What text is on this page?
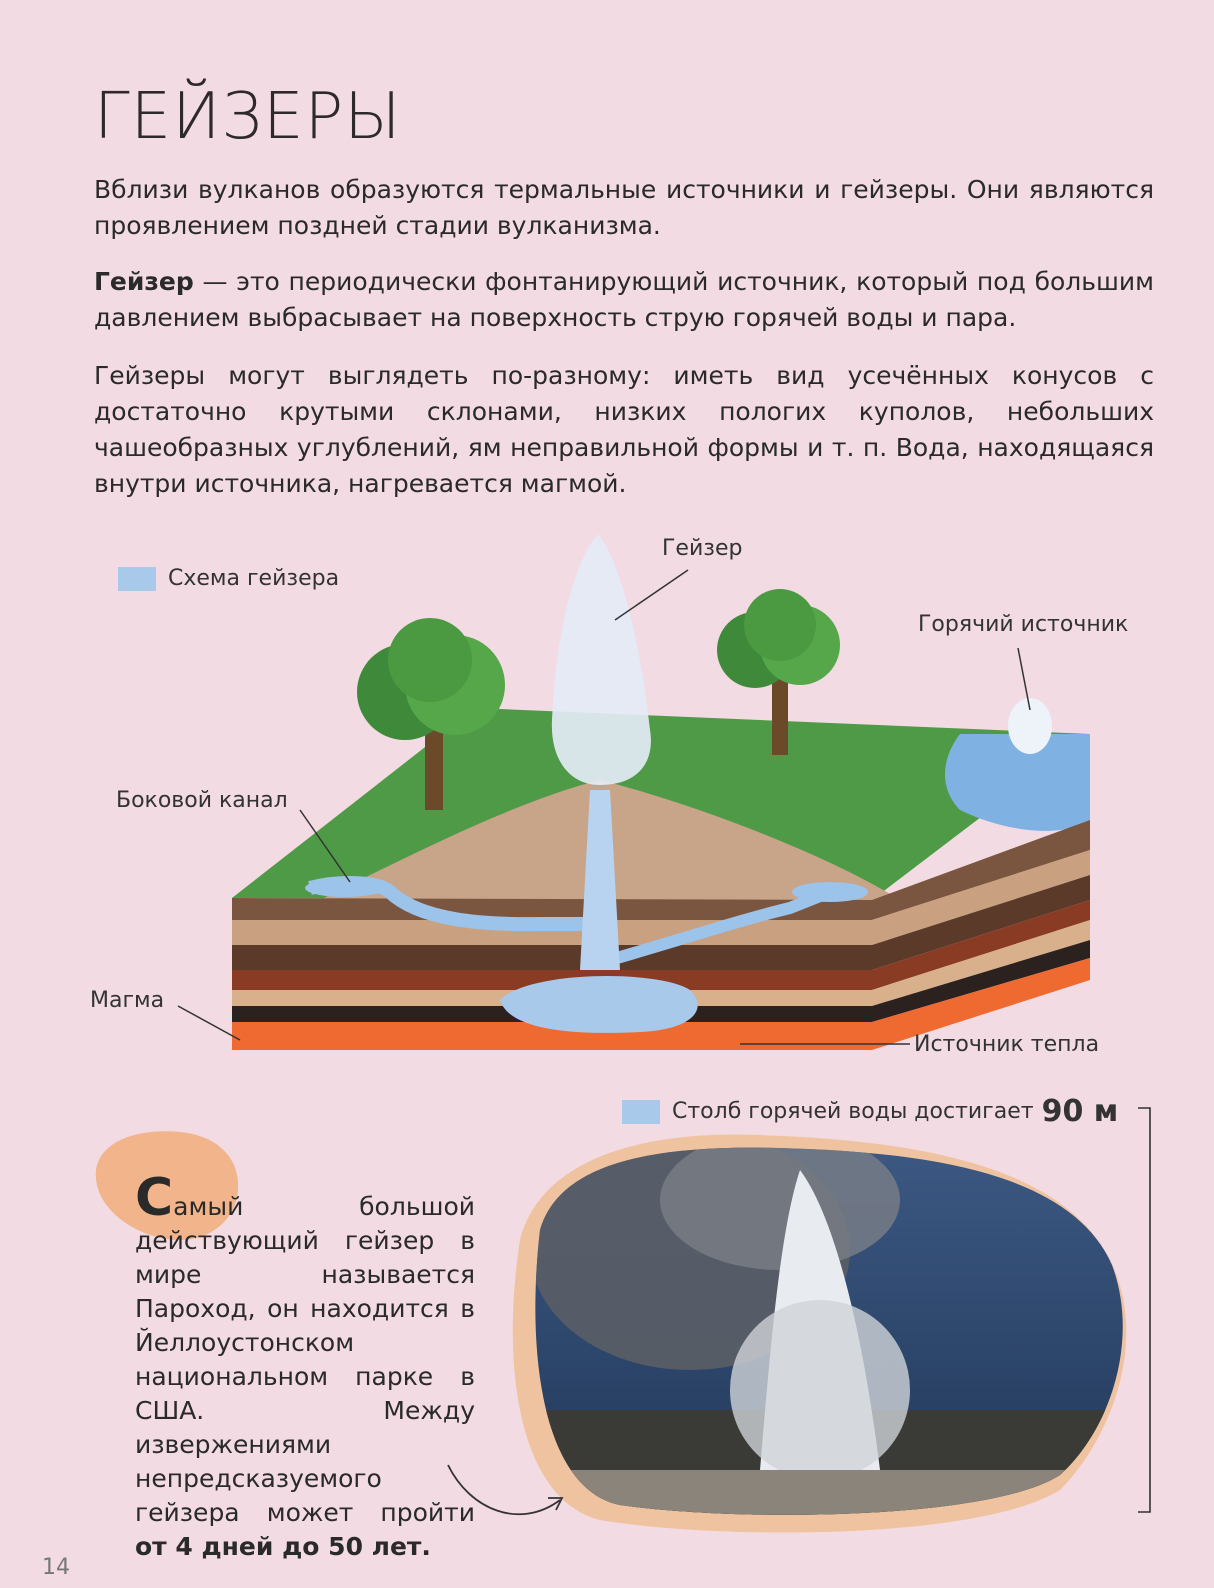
ГЕЙЗЕРЫ

Вблизи вулканов образуются термальные источники и гейзеры. Они являются проявлением поздней стадии вулканизма.

Гейзер — это периодически фонтанирующий источник, который под большим давлением выбрасывает на поверхность струю горячей воды и пара.

Гейзеры могут выглядеть по-разному: иметь вид усечённых конусов с достаточно крутыми склонами, низких пологих куполов, небольших чашеобразных углублений, ям неправильной формы и т. п. Вода, находящаяся внутри источника, нагревается магмой.

Схема гейзера
Гейзер
Горячий источник
Боковой канал
Магма
Источник тепла
Столб горячей воды достигает 90 м
Самый большой действующий гейзер в мире называется Пароход, он находится в Йеллоустонском национальном парке в США. Между извержениями непредсказуемого гейзера может пройти от 4 дней до 50 лет.
14
